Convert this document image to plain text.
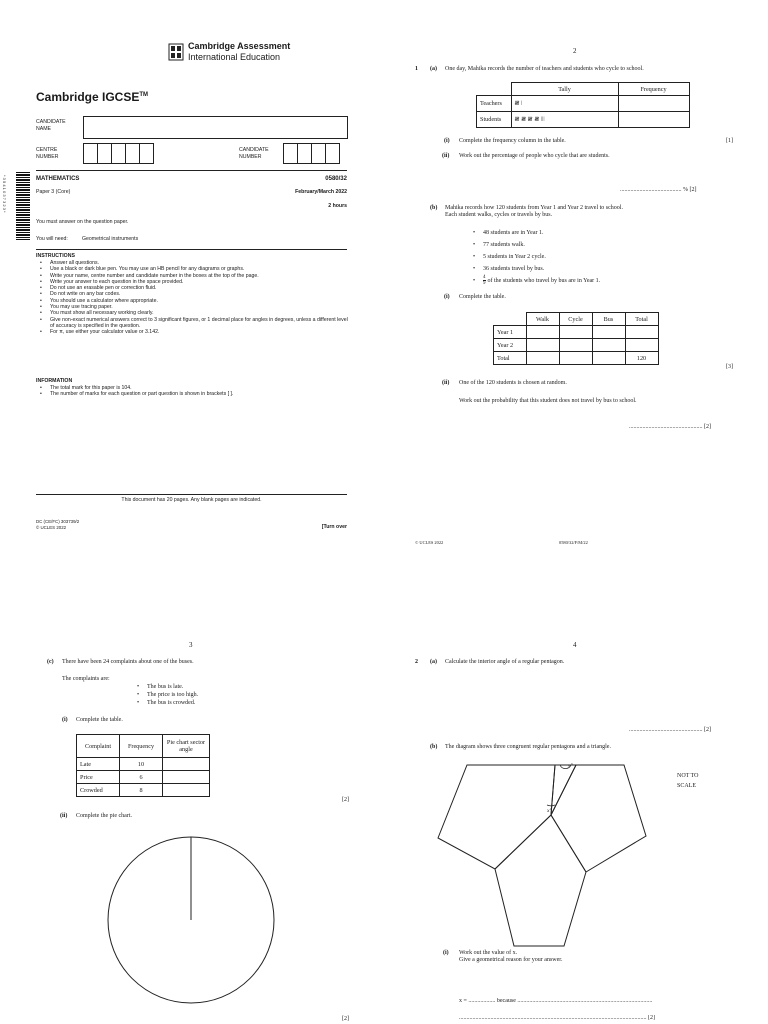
Cambridge Assessment
International Education
Cambridge IGCSE™
CANDIDATE
NAME
CENTRE
NUMBER
CANDIDATE
NUMBER
* 3 5 4 1 0 3 7 3 2 3 *	MATHEMATICS	0580/32
Paper 3 (Core)	February/March 2022
2 hours
You must answer on the question paper.
You will need:	Geometrical instruments
INSTRUCTIONS
• Answer all questions.
• Use a black or dark blue pen. You may use an HB pencil for any diagrams or graphs.
• Write your name, centre number and candidate number in the boxes at the top of the page.
• Write your answer to each question in the space provided.
• Do not use an erasable pen or correction fluid.
• Do not write on any bar codes.
• You should use a calculator where appropriate.
• You may use tracing paper.
• You must show all necessary working clearly.
• Give non-exact numerical answers correct to 3 significant figures, or 1 decimal place for angles in degrees, unless a different level of accuracy is specified in the question.
• For π, use either your calculator value or 3.142.
INFORMATION
• The total mark for this paper is 104.
• The number of marks for each question or part question is shown in brackets [ ].
This document has 20 pages. Any blank pages are indicated.
DC (CE/FC) 303739/2
© UCLES 2022	[Turn over
2
1 (a) One day, Mahika records the number of teachers and students who cycle to school.
	Tally	Frequency
Teachers	𝍸 ǀ	
Students	𝍸 𝍸 𝍸 𝍸 ǀǀǀ	
(i) Complete the frequency column in the table.	[1]
(ii) Work out the percentage of people who cycle that are students.
......................................... % [2]
(b) Mahika records how 120 students from Year 1 and Year 2 travel to school.
Each student walks, cycles or travels by bus.
• 48 students are in Year 1.
• 77 students walk.
• 5 students in Year 2 cycle.
• 36 students travel by bus.
• $\frac{4}{9}$ of the students who travel by bus are in Year 1.
(i) Complete the table.
	Walk	Cycle	Bus	Total
Year 1				
Year 2				
Total				120
[3]
(ii) One of the 120 students is chosen at random.
Work out the probability that this student does not travel by bus to school.
................................................. [2]
© UCLES 2022	0580/32/F/M/22
3
(c) There have been 24 complaints about one of the buses.
The complaints are:
• The bus is late.
• The price is too high.
• The bus is crowded.
(i) Complete the table.
Complaint	Frequency	Pie chart sector angle
Late	10	
Price	6	
Crowded	8	
[2]
(ii) Complete the pie chart.
[2]
4
2 (a) Calculate the interior angle of a regular pentagon.
................................................. [2]
(b) The diagram shows three congruent regular pentagons and a triangle.
NOT TO
SCALE
y°
x°
(i) Work out the value of x.
Give a geometrical reason for your answer.
x = .................. because ..........................................................................................
............................................................................................................................. [2]
